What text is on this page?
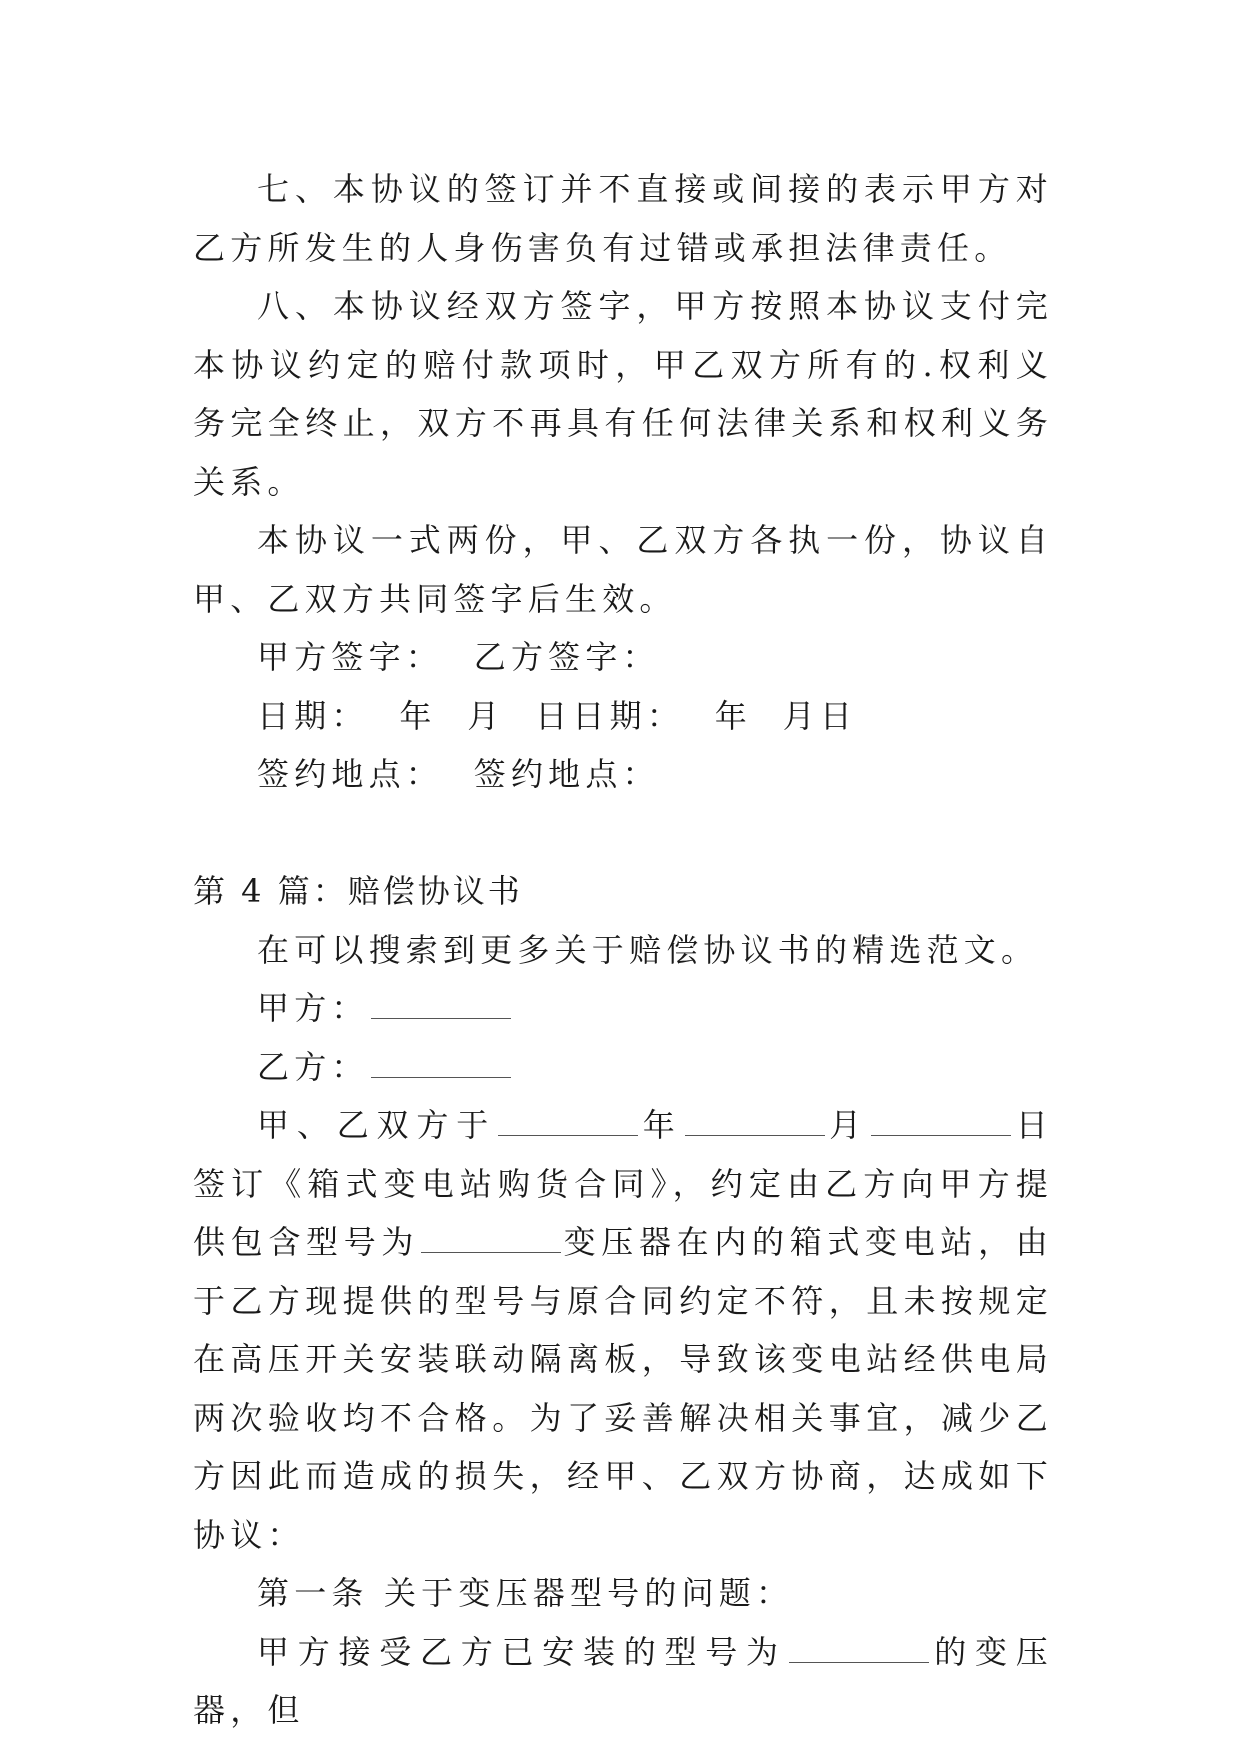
七、本协议的签订并不直接或间接的表示甲方对乙方所发生的人身伤害负有过错或承担法律责任。

八、本协议经双方签字，甲方按照本协议支付完本协议约定的赔付款项时，甲乙双方所有的.权利义务完全终止，双方不再具有任何法律关系和权利义务关系。

本协议一式两份，甲、乙双方各执一份，协议自甲、乙双方共同签字后生效。

甲方签字：  乙方签字：

日期：  年  月  日日期：  年  月日

签约地点：  签约地点：

第 4 篇：赔偿协议书

在可以搜索到更多关于赔偿协议书的精选范文。

甲方：

乙方：

甲、乙双方于	年	月	日签订《箱式变电站购货合同》，约定由乙方向甲方提供包含型号为	变压器在内的箱式变电站，由于乙方现提供的型号与原合同约定不符，且未按规定在高压开关安装联动隔离板，导致该变电站经供电局两次验收均不合格。为了妥善解决相关事宜，减少乙方因此而造成的损失，经甲、乙双方协商，达成如下协议：

第一条 关于变压器型号的问题：

甲方接受乙方已安装的型号为	的变压器，但
